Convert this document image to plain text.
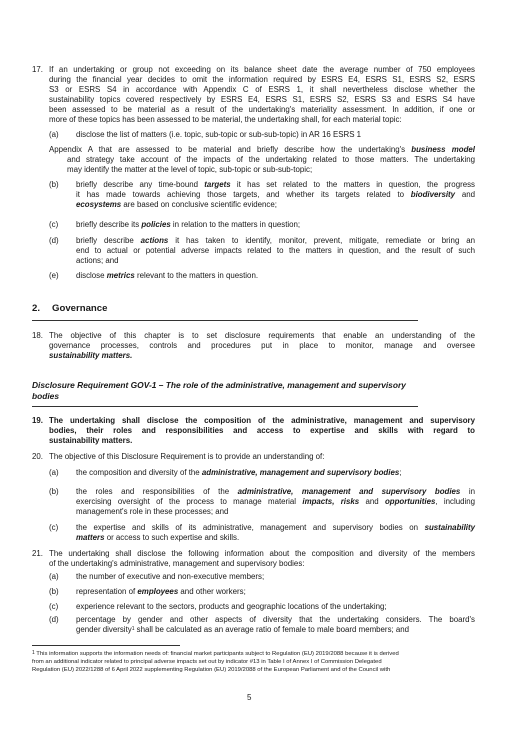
17. If an undertaking or group not exceeding on its balance sheet date the average number of 750 employees
during the financial year decides to omit the information required by ESRS E4, ESRS S1, ESRS S2, ESRS
S3 or ESRS S4 in accordance with Appendix C of ESRS 1, it shall nevertheless disclose whether the
sustainability topics covered respectively by ESRS E4, ESRS S1, ESRS S2, ESRS S3 and ESRS S4 have
been assessed to be material as a result of the undertaking's materiality assessment. In addition, if one or
more of these topics has been assessed to be material, the undertaking shall, for each material topic:
(a) disclose the list of matters (i.e. topic, sub-topic or sub-sub-topic) in AR 16 ESRS 1
Appendix A that are assessed to be material and briefly describe how the undertaking's business model
and strategy take account of the impacts of the undertaking related to those matters. The undertaking
may identify the matter at the level of topic, sub-topic or sub-sub-topic;
(b) briefly describe any time-bound targets it has set related to the matters in question, the progress
it has made towards achieving those targets, and whether its targets related to biodiversity and
ecosystems are based on conclusive scientific evidence;
(c) briefly describe its policies in relation to the matters in question;
(d) briefly describe actions it has taken to identify, monitor, prevent, mitigate, remediate or bring an
end to actual or potential adverse impacts related to the matters in question, and the result of such
actions; and
(e) disclose metrics relevant to the matters in question.
2. Governance
18. The objective of this chapter is to set disclosure requirements that enable an understanding of the
governance processes, controls and procedures put in place to monitor, manage and oversee
sustainability matters.
Disclosure Requirement GOV-1 – The role of the administrative, management and supervisory
bodies
19. The undertaking shall disclose the composition of the administrative, management and supervisory
bodies, their roles and responsibilities and access to expertise and skills with regard to
sustainability matters.
20. The objective of this Disclosure Requirement is to provide an understanding of:
(a) the composition and diversity of the administrative, management and supervisory bodies;
(b) the roles and responsibilities of the administrative, management and supervisory bodies in
exercising oversight of the process to manage material impacts, risks and opportunities, including
management's role in these processes; and
(c) the expertise and skills of its administrative, management and supervisory bodies on sustainability
matters or access to such expertise and skills.
21. The undertaking shall disclose the following information about the composition and diversity of the members
of the undertaking's administrative, management and supervisory bodies:
(a) the number of executive and non-executive members;
(b) representation of employees and other workers;
(c) experience relevant to the sectors, products and geographic locations of the undertaking;
(d) percentage by gender and other aspects of diversity that the undertaking considers. The board's
gender diversity$^1$ shall be calculated as an average ratio of female to male board members; and
$^1$ This information supports the information needs of: financial market participants subject to Regulation (EU) 2019/2088 because it is derived
from an additional indicator related to principal adverse impacts set out by indicator #13 in Table I of Annex I of Commission Delegated
Regulation (EU) 2022/1288 of 6 April 2022 supplementing Regulation (EU) 2019/2088 of the European Parliament and of the Council with
5
